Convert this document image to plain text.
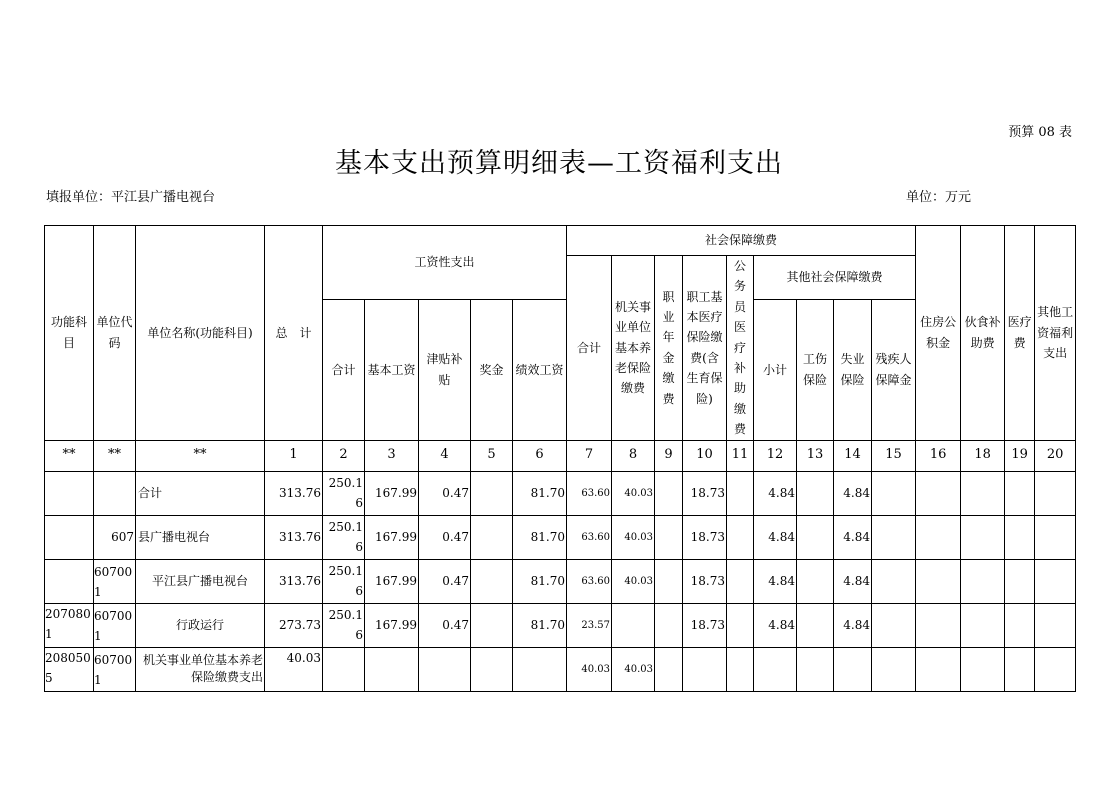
预算 08 表
基本支出预算明细表—工资福利支出
填报单位：平江县广播电视台	单位：万元
功能科目	单位代码	单位名称(功能科目)	总　计	工资性支出					社会保障缴费									住房公积金	伙食补助费	医疗费	其他工资福利支出
									合计	机关事业单位基本养老保险缴费	职业年金缴费	职工基本医疗保险缴费(含生育保险)	公务员医疗补助缴费	其他社会保障缴费							
				合计	基本工资	津贴补贴	奖金	绩效工资						小计	工伤保险	失业保险	残疾人保障金				
**	**	**	1	2	3	4	5	6	7	8	9	10	11	12	13	14	15	16	18	19	20
		合计	313.76	250.16	167.99	0.47		81.70	63.60	40.03		18.73		4.84		4.84					
	607	县广播电视台	313.76	250.16	167.99	0.47		81.70	63.60	40.03		18.73		4.84		4.84					
	607001	平江县广播电视台	313.76	250.16	167.99	0.47		81.70	63.60	40.03		18.73		4.84		4.84					
2070801	607001	行政运行	273.73	250.16	167.99	0.47		81.70	23.57			18.73		4.84		4.84					
2080505	607001	机关事业单位基本养老保险缴费支出	40.03						40.03	40.03											
